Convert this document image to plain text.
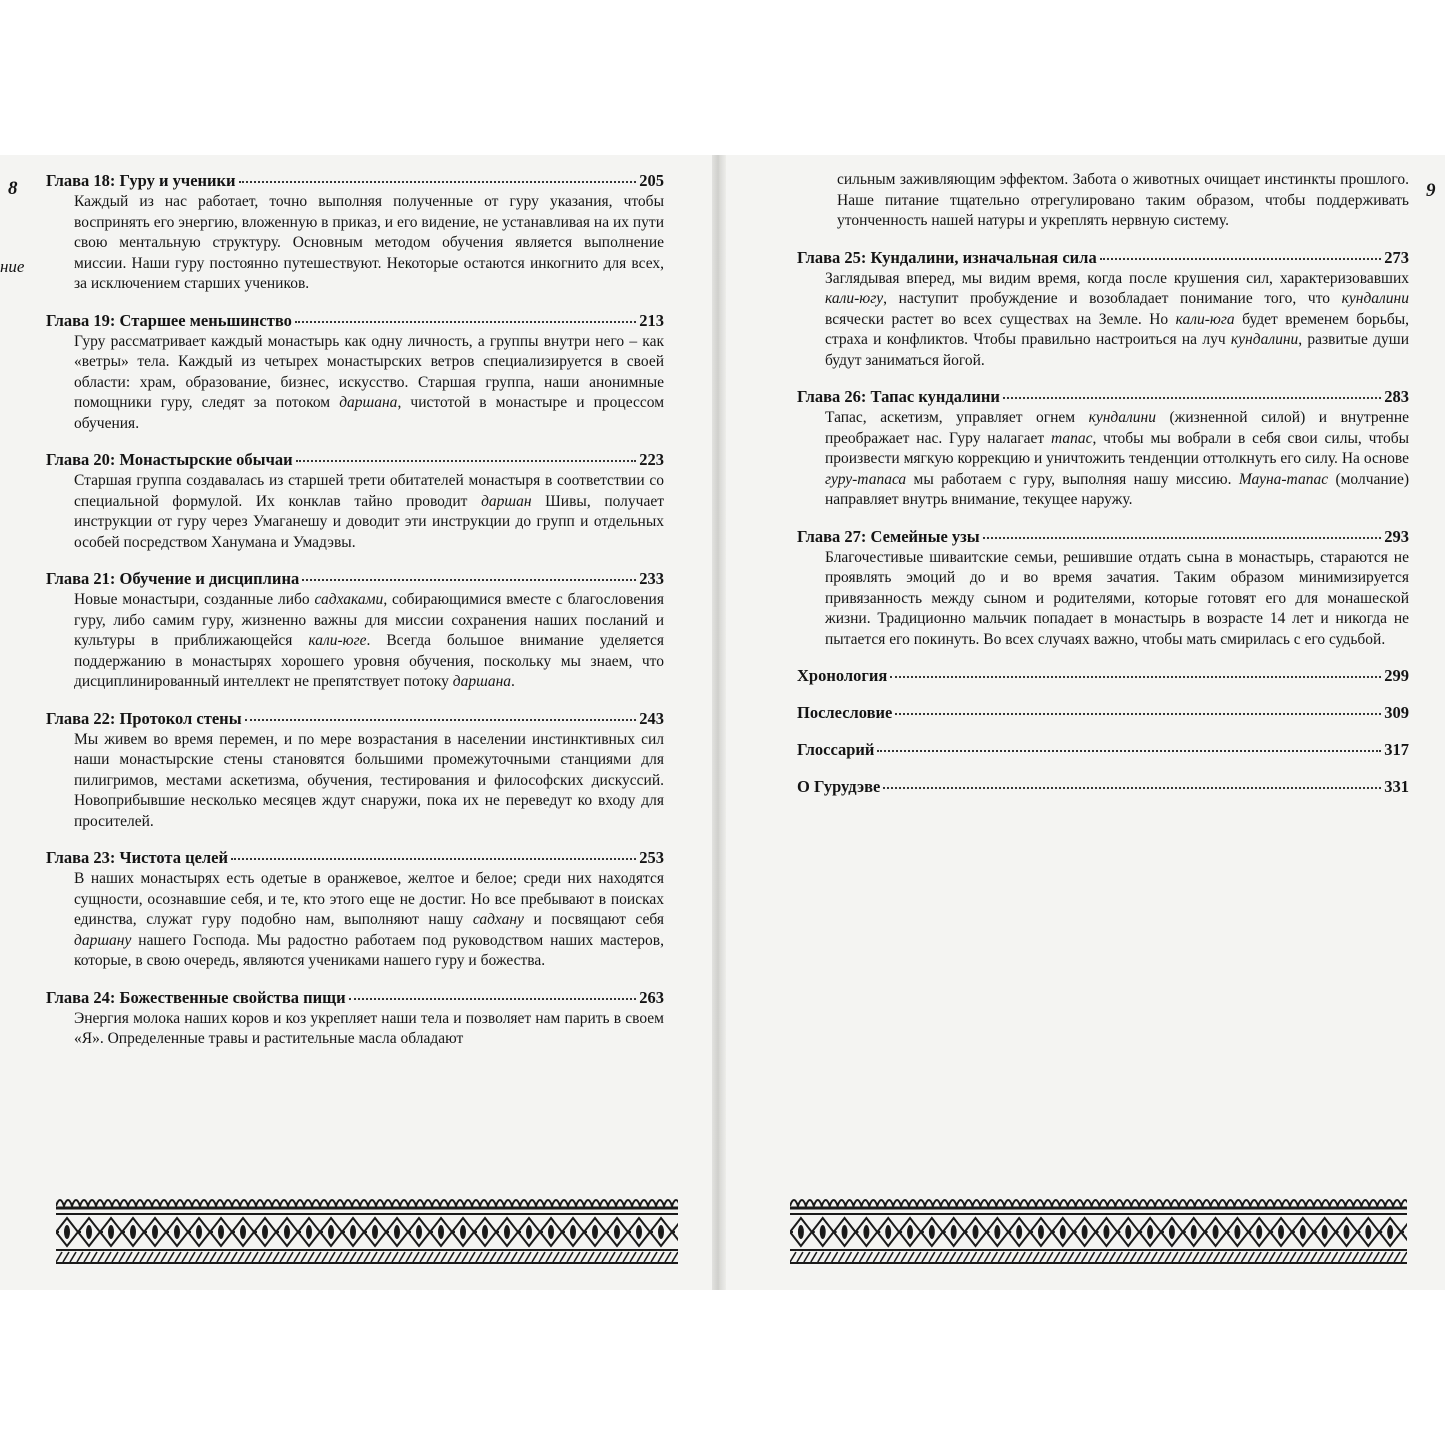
8	9
ние
Глава 18: Гуру и ученики	205

Каждый из нас работает, точно выполняя полученные от гуру указания, чтобы воспринять его энергию, вложенную в приказ, и его видение, не устанавливая на их пути свою ментальную структуру. Основным методом обучения является выполнение миссии. Наши гуру постоянно путешествуют. Некоторые остаются инкогнито для всех, за исключением старших учеников.

Глава 19: Старшее меньшинство	213

Гуру рассматривает каждый монастырь как одну личность, а группы внутри него – как «ветры» тела. Каждый из четырех монастырских ветров специализируется в своей области: храм, образование, бизнес, искусство. Старшая группа, наши анонимные помощники гуру, следят за потоком даршана, чистотой в монастыре и процессом обучения.

Глава 20: Монастырские обычаи	223

Старшая группа создавалась из старшей трети обитателей монастыря в соответствии со специальной формулой. Их конклав тайно проводит даршан Шивы, получает инструкции от гуру через Умаганешу и доводит эти инструкции до групп и отдельных особей посредством Ханумана и Умадэвы.

Глава 21: Обучение и дисциплина	233

Новые монастыри, созданные либо садхаками, собирающимися вместе с благословения гуру, либо самим гуру, жизненно важны для миссии сохранения наших посланий и культуры в приближающейся кали-юге. Всегда большое внимание уделяется поддержанию в монастырях хорошего уровня обучения, поскольку мы знаем, что дисциплинированный интеллект не препятствует потоку даршана.

Глава 22: Протокол стены	243

Мы живем во время перемен, и по мере возрастания в населении инстинктивных сил наши монастырские стены становятся большими промежуточными станциями для пилигримов, местами аскетизма, обучения, тестирования и философских дискуссий. Новоприбывшие несколько месяцев ждут снаружи, пока их не переведут ко входу для просителей.

Глава 23: Чистота целей	253

В наших монастырях есть одетые в оранжевое, желтое и белое; среди них находятся сущности, осознавшие себя, и те, кто этого еще не достиг. Но все пребывают в поисках единства, служат гуру подобно нам, выполняют нашу садхану и посвящают себя даршану нашего Господа. Мы радостно работаем под руководством наших мастеров, которые, в свою очередь, являются учениками нашего гуру и божества.

Глава 24: Божественные свойства пищи	263

Энергия молока наших коров и коз укрепляет наши тела и позволяет нам парить в своем «Я». Определенные травы и растительные масла обладают

сильным заживляющим эффектом. Забота о животных очищает инстинкты прошлого. Наше питание тщательно отрегулировано таким образом, чтобы поддерживать утонченность нашей натуры и укреплять нервную систему.

Глава 25: Кундалини, изначальная сила	273

Заглядывая вперед, мы видим время, когда после крушения сил, характеризовавших кали-югу, наступит пробуждение и возобладает понимание того, что кундалини всячески растет во всех существах на Земле. Но кали-юга будет временем борьбы, страха и конфликтов. Чтобы правильно настроиться на луч кундалини, развитые души будут заниматься йогой.

Глава 26: Тапас кундалини	283

Тапас, аскетизм, управляет огнем кундалини (жизненной силой) и внутренне преображает нас. Гуру налагает тапас, чтобы мы вобрали в себя свои силы, чтобы произвести мягкую коррекцию и уничтожить тенденции оттолкнуть его силу. На основе гуру-тапаса мы работаем с гуру, выполняя нашу миссию. Мауна-тапас (молчание) направляет внутрь внимание, текущее наружу.

Глава 27: Семейные узы	293

Благочестивые шиваитские семьи, решившие отдать сына в монастырь, стараются не проявлять эмоций до и во время зачатия. Таким образом минимизируется привязанность между сыном и родителями, которые готовят его для монашеской жизни. Традиционно мальчик попадает в монастырь в возрасте 14 лет и никогда не пытается его покинуть. Во всех случаях важно, чтобы мать смирилась с его судьбой.

Хронология	299
Послесловие	309
Глоссарий	317
О Гурудэве	331
